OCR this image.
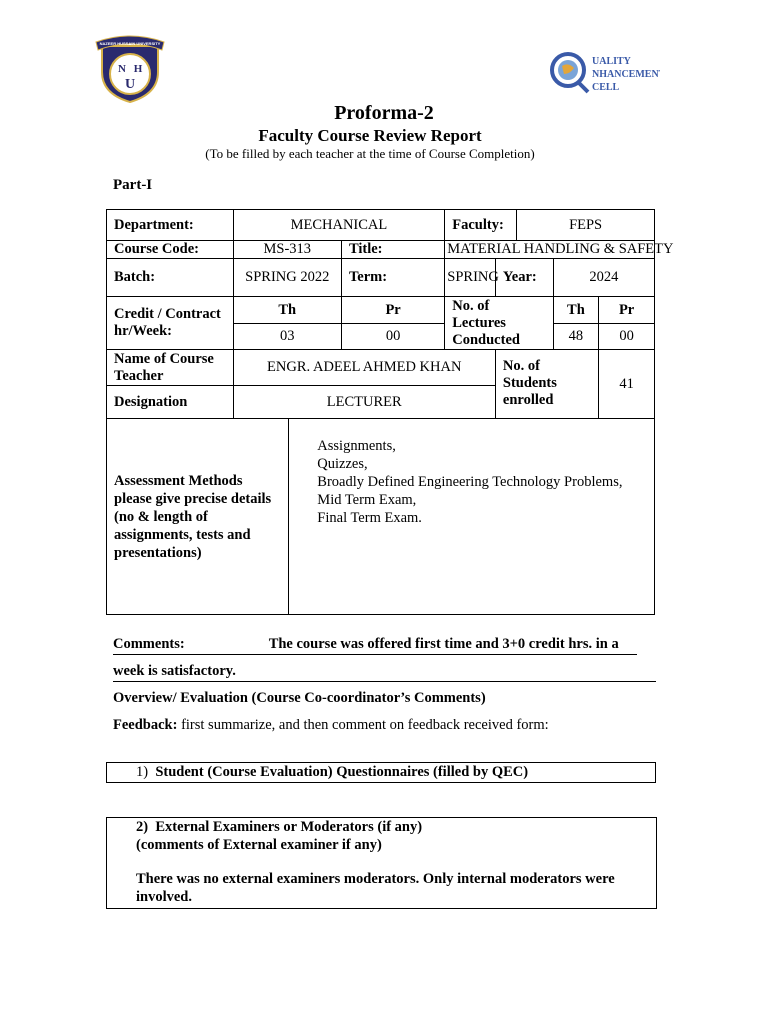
N H
U
NAZEER HUSSAIN UNIVERSITY
Q
E UALITY
NHANCEMENT
CELL
Proforma-2
Faculty Course Review Report
(To be filled by each teacher at the time of Course Completion)
Part-I
Department:	MECHANICAL			Faculty:		FEPS		
Course Code:	MS-313		Title:	MATERIAL HANDLING & SAFETY				
Batch:	SPRING 2022		Term:	SPRING	Year:		2024	
Credit / Contract hr/Week:	Th		Pr	No. of Lectures Conducted			Th	Pr
	03		00				48	00
Name of Course Teacher	ENGR. ADEEL AHMED KHAN				No. of Students enrolled			41
Designation	LECTURER							
Assessment Methods please give precise details (no & length of assignments, tests and presentations)		Assignments,
Quizzes,
Broadly Defined Engineering Technology Problems,
Mid Term Exam,
Final Term Exam.						
Comments:	The course was offered first time and 3+0 credit hrs. in a
week is satisfactory.
Overview/ Evaluation (Course Co-coordinator’s Comments)
Feedback: first summarize, and then comment on feedback received form:
1) Student (Course Evaluation) Questionnaires (filled by QEC)
2) External Examiners or Moderators (if any)
(comments of External examiner if any)
There was no external examiners moderators. Only internal moderators were involved.
